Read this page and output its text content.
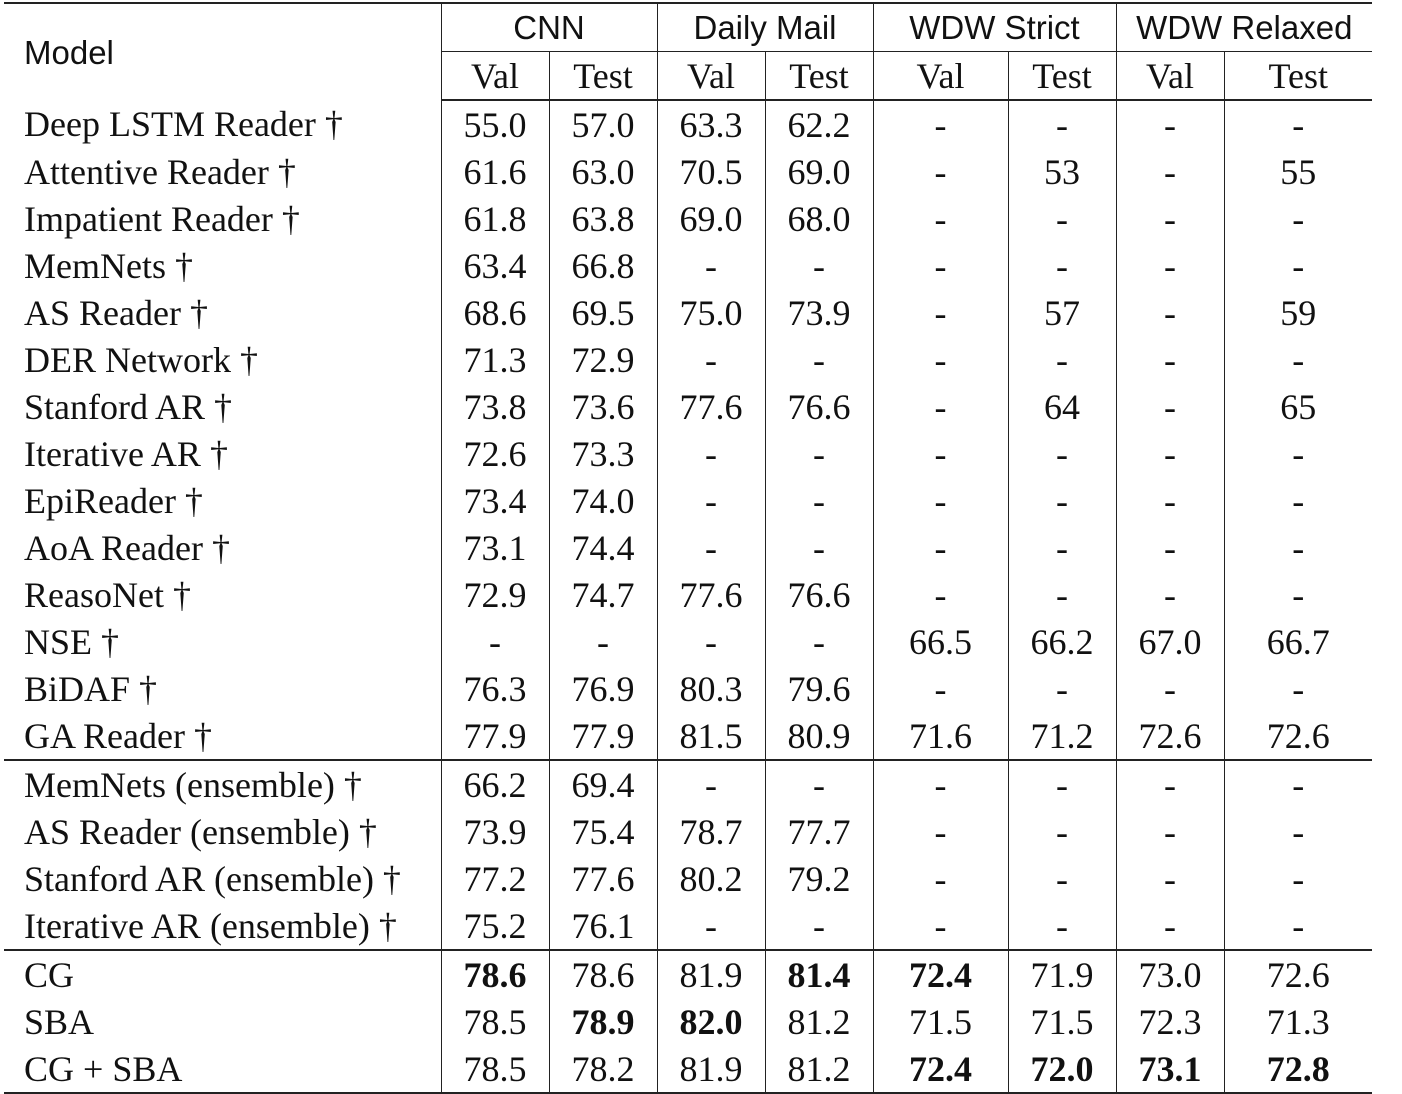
Model	CNN		Daily Mail		WDW Strict		WDW Relaxed	
	Val	Test	Val	Test	Val	Test	Val	Test
Deep LSTM Reader †	55.0	57.0	63.3	62.2	-	-	-	-
Attentive Reader †	61.6	63.0	70.5	69.0	-	53	-	55
Impatient Reader †	61.8	63.8	69.0	68.0	-	-	-	-
MemNets †	63.4	66.8	-	-	-	-	-	-
AS Reader †	68.6	69.5	75.0	73.9	-	57	-	59
DER Network †	71.3	72.9	-	-	-	-	-	-
Stanford AR †	73.8	73.6	77.6	76.6	-	64	-	65
Iterative AR †	72.6	73.3	-	-	-	-	-	-
EpiReader †	73.4	74.0	-	-	-	-	-	-
AoA Reader †	73.1	74.4	-	-	-	-	-	-
ReasoNet †	72.9	74.7	77.6	76.6	-	-	-	-
NSE †	-	-	-	-	66.5	66.2	67.0	66.7
BiDAF †	76.3	76.9	80.3	79.6	-	-	-	-
GA Reader †	77.9	77.9	81.5	80.9	71.6	71.2	72.6	72.6
MemNets (ensemble) †	66.2	69.4	-	-	-	-	-	-
AS Reader (ensemble) †	73.9	75.4	78.7	77.7	-	-	-	-
Stanford AR (ensemble) †	77.2	77.6	80.2	79.2	-	-	-	-
Iterative AR (ensemble) †	75.2	76.1	-	-	-	-	-	-
CG	78.6	78.6	81.9	81.4	72.4	71.9	73.0	72.6
SBA	78.5	78.9	82.0	81.2	71.5	71.5	72.3	71.3
CG + SBA	78.5	78.2	81.9	81.2	72.4	72.0	73.1	72.8
